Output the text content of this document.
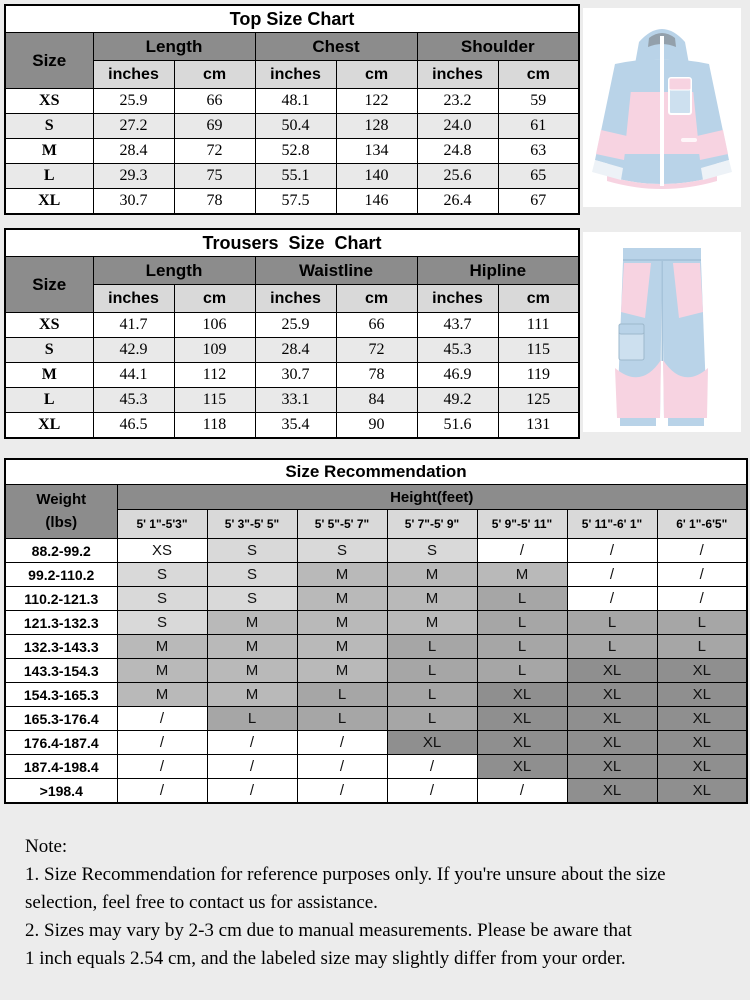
Top Size Chart						
Size	Length		Chest		Shoulder	
	inches	cm	inches	cm	inches	cm
XS	25.9	66	48.1	122	23.2	59
S	27.2	69	50.4	128	24.0	61
M	28.4	72	52.8	134	24.8	63
L	29.3	75	55.1	140	25.6	65
XL	30.7	78	57.5	146	26.4	67
Trousers  Size  Chart						
Size	Length		Waistline		Hipline	
	inches	cm	inches	cm	inches	cm
XS	41.7	106	25.9	66	43.7	111
S	42.9	109	28.4	72	45.3	115
M	44.1	112	30.7	78	46.9	119
L	45.3	115	33.1	84	49.2	125
XL	46.5	118	35.4	90	51.6	131
Size Recommendation							

Weight
(lbs)	Height(feet)						
	5' 1"-5'3"	5' 3"-5' 5"	5' 5"-5' 7"	5' 7"-5' 9"	5' 9"-5' 11"	5' 11"-6' 1"	6' 1"-6'5"
88.2-99.2	XS	S	S	S	/	/	/
99.2-110.2	S	S	M	M	M	/	/
110.2-121.3	S	S	M	M	L	/	/
121.3-132.3	S	M	M	M	L	L	L
132.3-143.3	M	M	M	L	L	L	L
143.3-154.3	M	M	M	L	L	XL	XL
154.3-165.3	M	M	L	L	XL	XL	XL
165.3-176.4	/	L	L	L	XL	XL	XL
176.4-187.4	/	/	/	XL	XL	XL	XL
187.4-198.4	/	/	/	/	XL	XL	XL
>198.4	/	/	/	/	/	XL	XL
Note:
1. Size Recommendation for reference purposes only. If you're unsure about the size
selection, feel free to contact us for assistance.
2. Sizes may vary by 2-3 cm due to manual measurements. Please be aware that
1 inch equals 2.54 cm, and the labeled size may slightly differ from your order.
